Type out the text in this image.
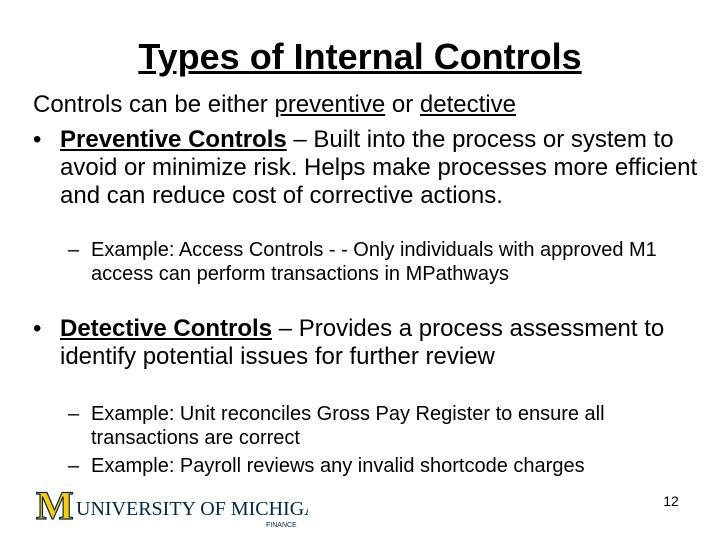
Types of Internal Controls
Controls can be either preventive or detective
• Preventive Controls – Built into the process or system to avoid or minimize risk. Helps make processes more efficient and can reduce cost of corrective actions.
– Example: Access Controls - - Only individuals with approved M1 access can perform transactions in MPathways
• Detective Controls – Provides a process assessment to identify potential issues for further review
– Example: Unit reconciles Gross Pay Register to ensure all transactions are correct
– Example: Payroll reviews any invalid shortcode charges
M UNIVERSITY OF MICHIGAN
FINANCE
12
